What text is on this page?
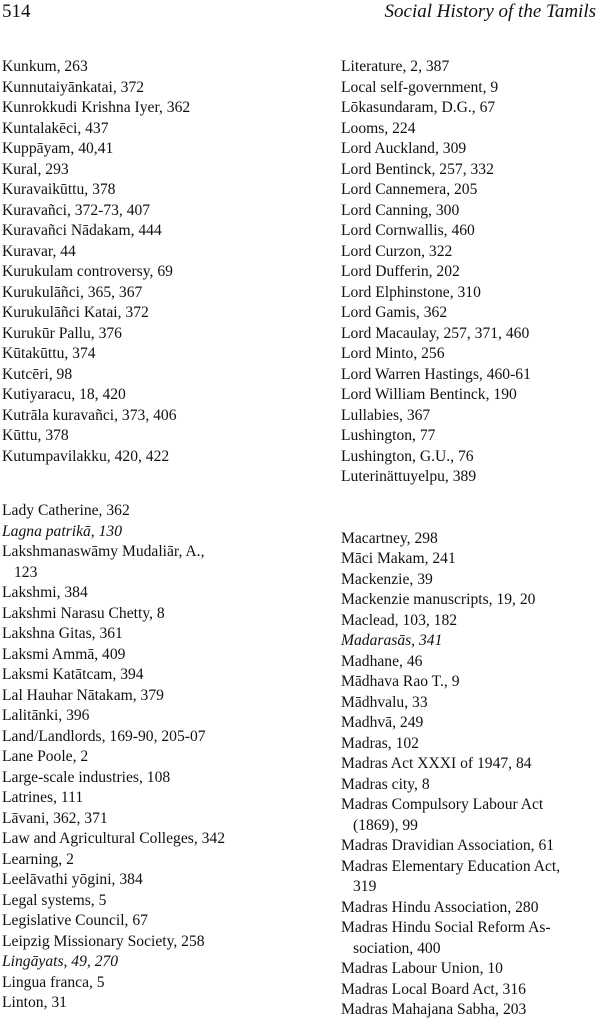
514	Social History of the Tamils
Kunkum, 263
Kunnutaiyānkatai, 372
Kunrokkudi Krishna Iyer, 362
Kuntalakēci, 437
Kuppāyam, 40,41
Kural, 293
Kuravaikūttu, 378
Kuravañci, 372-73, 407
Kuravañci Nādakam, 444
Kuravar, 44
Kurukulam controversy, 69
Kurukulāñci, 365, 367
Kurukulāñci Katai, 372
Kurukūr Pallu, 376
Kūtakūttu, 374
Kutcēri, 98
Kutiyaracu, 18, 420
Kutrāla kuravañci, 373, 406
Kūttu, 378
Kutumpavilakku, 420, 422
Lady Catherine, 362
Lagna patrikā, 130
Lakshmanaswāmy Mudaliār, A.,
123
Lakshmi, 384
Lakshmi Narasu Chetty, 8
Lakshna Gitas, 361
Laksmi Ammā, 409
Laksmi Katātcam, 394
Lal Hauhar Nātakam, 379
Lalitānki, 396
Land/Landlords, 169-90, 205-07
Lane Poole, 2
Large-scale industries, 108
Latrines, 111
Lāvani, 362, 371
Law and Agricultural Colleges, 342
Learning, 2
Leelāvathi yōgini, 384
Legal systems, 5
Legislative Council, 67
Leipzig Missionary Society, 258
Lingāyats, 49, 270
Lingua franca, 5
Linton, 31
Literature, 2, 387
Local self-government, 9
Lōkasundaram, D.G., 67
Looms, 224
Lord Auckland, 309
Lord Bentinck, 257, 332
Lord Cannemera, 205
Lord Canning, 300
Lord Cornwallis, 460
Lord Curzon, 322
Lord Dufferin, 202
Lord Elphinstone, 310
Lord Gamis, 362
Lord Macaulay, 257, 371, 460
Lord Minto, 256
Lord Warren Hastings, 460-61
Lord William Bentinck, 190
Lullabies, 367
Lushington, 77
Lushington, G.U., 76
Luterinättuyelpu, 389
Macartney, 298
Māci Makam, 241
Mackenzie, 39
Mackenzie manuscripts, 19, 20
Maclead, 103, 182
Madarasās, 341
Madhane, 46
Mādhava Rao T., 9
Mādhvalu, 33
Madhvā, 249
Madras, 102
Madras Act XXXI of 1947, 84
Madras city, 8
Madras Compulsory Labour Act
(1869), 99
Madras Dravidian Association, 61
Madras Elementary Education Act,
319
Madras Hindu Association, 280
Madras Hindu Social Reform As-
sociation, 400
Madras Labour Union, 10
Madras Local Board Act, 316
Madras Mahajana Sabha, 203
